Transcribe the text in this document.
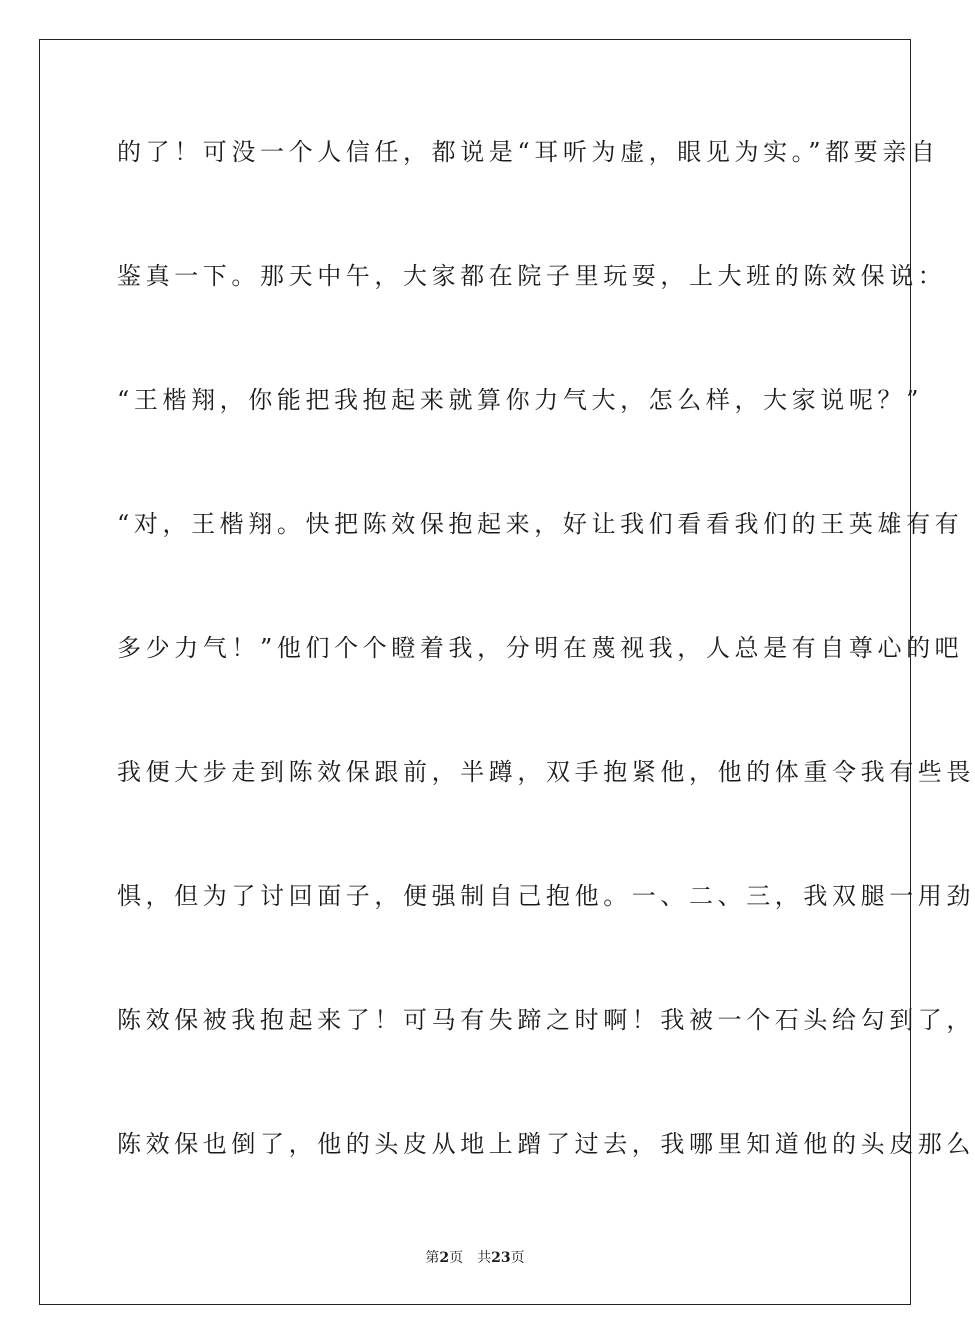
的了！可没一个人信任，都说是“耳听为虚，眼见为实。”都要亲自
鉴真一下。那天中午，大家都在院子里玩耍，上大班的陈效保说：
“王楷翔，你能把我抱起来就算你力气大，怎么样，大家说呢？”
“对，王楷翔。快把陈效保抱起来，好让我们看看我们的王英雄有有
多少力气！”他们个个瞪着我，分明在蔑视我，人总是有自尊心的吧
我便大步走到陈效保跟前，半蹲，双手抱紧他，他的体重令我有些畏
惧，但为了讨回面子，便强制自己抱他。一、二、三，我双腿一用劲
陈效保被我抱起来了！可马有失蹄之时啊！我被一个石头给勾到了，
陈效保也倒了，他的头皮从地上蹭了过去，我哪里知道他的头皮那么
第2页 共23页
